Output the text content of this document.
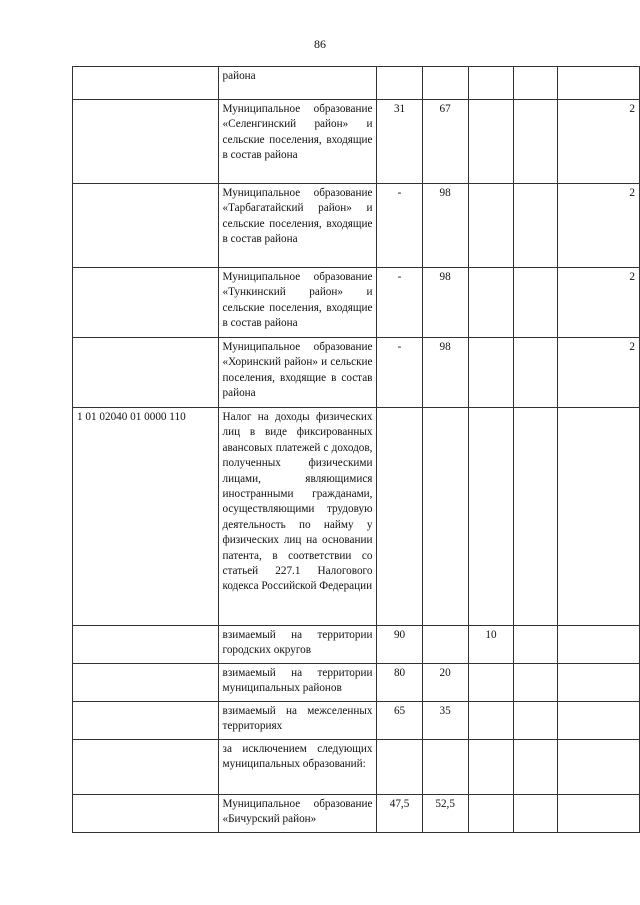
86
	района					
	Муниципальное образование «Селенгинский район» и сельские поселения, входящие в состав района	31	67			2
	Муниципальное образование «Тарбагатайский район» и сельские поселения, входящие в состав района	-	98			2
	Муниципальное образование «Тункинский район» и сельские поселения, входящие в состав района	-	98			2
	Муниципальное образование «Хоринский район» и сельские поселения, входящие в состав района	-	98			2
1 01 02040 01 0000 110	Налог на доходы физических лиц в виде фиксированных авансовых платежей с доходов, полученных физическими лицами, являющимися иностранными гражданами, осуществляющими трудовую деятельность по найму у физических лиц на основании патента, в соответствии со статьей 227.1 Налогового кодекса Российской Федерации					
	взимаемый на территории городских округов	90		10		
	взимаемый на территории муниципальных районов	80	20			
	взимаемый на межселенных территориях	65	35			
	за исключением следующих муниципальных образований:					
	Муниципальное образование «Бичурский район»	47,5	52,5			
